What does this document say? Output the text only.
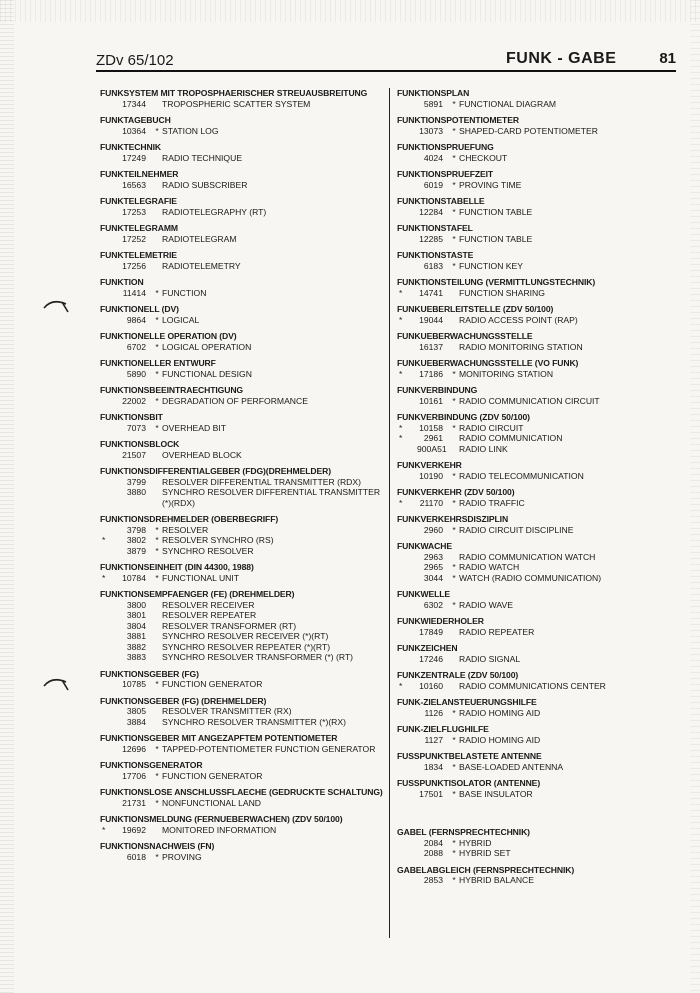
ZDv 65/102	FUNK - GABE	81
FUNKSYSTEM MIT TROPOSPHAERISCHER STREUAUSBREITUNG
17344	TROPOSPHERIC SCATTER SYSTEM
FUNKTAGEBUCH
10364	* STATION LOG
FUNKTECHNIK
17249	RADIO TECHNIQUE
FUNKTEILNEHMER
16563	RADIO SUBSCRIBER
FUNKTELEGRAFIE
17253	RADIOTELEGRAPHY (RT)
FUNKTELEGRAMM
17252	RADIOTELEGRAM
FUNKTELEMETRIE
17256	RADIOTELEMETRY
FUNKTION
11414	* FUNCTION
FUNKTIONELL (DV)
9864	* LOGICAL
FUNKTIONELLE OPERATION (DV)
6702	* LOGICAL OPERATION
FUNKTIONELLER ENTWURF
5890	* FUNCTIONAL DESIGN
FUNKTIONSBEEINTRAECHTIGUNG
22002	* DEGRADATION OF PERFORMANCE
FUNKTIONSBIT
7073	* OVERHEAD BIT
FUNKTIONSBLOCK
21507	OVERHEAD BLOCK
FUNKTIONSDIFFERENTIALGEBER (FDG)(DREHMELDER)
3799	RESOLVER DIFFERENTIAL TRANSMITTER (RDX)
3880	SYNCHRO RESOLVER DIFFERENTIAL TRANSMITTER (*)(RDX)
FUNKTIONSDREHMELDER (OBERBEGRIFF)
3798	* RESOLVER
*	3802	* RESOLVER SYNCHRO (RS)
3879	* SYNCHRO RESOLVER
FUNKTIONSEINHEIT (DIN 44300, 1988)
*	10784	* FUNCTIONAL UNIT
FUNKTIONSEMPFAENGER (FE) (DREHMELDER)
3800	RESOLVER RECEIVER
3801	RESOLVER REPEATER
3804	RESOLVER TRANSFORMER (RT)
3881	SYNCHRO RESOLVER RECEIVER (*)(RT)
3882	SYNCHRO RESOLVER REPEATER (*)(RT)
3883	SYNCHRO RESOLVER TRANSFORMER (*) (RT)
FUNKTIONSGEBER (FG)
10785	* FUNCTION GENERATOR
FUNKTIONSGEBER (FG) (DREHMELDER)
3805	RESOLVER TRANSMITTER (RX)
3884	SYNCHRO RESOLVER TRANSMITTER (*)(RX)
FUNKTIONSGEBER MIT ANGEZAPFTEM POTENTIOMETER
12696	* TAPPED-POTENTIOMETER FUNCTION GENERATOR
FUNKTIONSGENERATOR
17706	* FUNCTION GENERATOR
FUNKTIONSLOSE ANSCHLUSSFLAECHE (GEDRUCKTE SCHALTUNG)
21731	* NONFUNCTIONAL LAND
FUNKTIONSMELDUNG (FERNUEBERWACHEN) (ZDV 50/100)
*	19692	MONITORED INFORMATION
FUNKTIONSNACHWEIS (FN)
6018	* PROVING
FUNKTIONSPLAN
5891	* FUNCTIONAL DIAGRAM
FUNKTIONSPOTENTIOMETER
13073	* SHAPED-CARD POTENTIOMETER
FUNKTIONSPRUEFUNG
4024	* CHECKOUT
FUNKTIONSPRUEFZEIT
6019	* PROVING TIME
FUNKTIONSTABELLE
12284	* FUNCTION TABLE
FUNKTIONSTAFEL
12285	* FUNCTION TABLE
FUNKTIONSTASTE
6183	* FUNCTION KEY
FUNKTIONSTEILUNG (VERMITTLUNGSTECHNIK)
*	14741	FUNCTION SHARING
FUNKUEBERLEITSTELLE (ZDV 50/100)
*	19044	RADIO ACCESS POINT (RAP)
FUNKUEBERWACHUNGSSTELLE
16137	RADIO MONITORING STATION
FUNKUEBERWACHUNGSSTELLE (VO FUNK)
*	17186	* MONITORING STATION
FUNKVERBINDUNG
10161	* RADIO COMMUNICATION CIRCUIT
FUNKVERBINDUNG (ZDV 50/100)
*	10158	* RADIO CIRCUIT
*	2961	RADIO COMMUNICATION
900A51 RADIO LINK
FUNKVERKEHR
10190	* RADIO TELECOMMUNICATION
FUNKVERKEHR (ZDV 50/100)
*	21170	* RADIO TRAFFIC
FUNKVERKEHRSDISZIPLIN
2960	* RADIO CIRCUIT DISCIPLINE
FUNKWACHE
2963	RADIO COMMUNICATION WATCH
2965	* RADIO WATCH
3044	* WATCH (RADIO COMMUNICATION)
FUNKWELLE
6302	* RADIO WAVE
FUNKWIEDERHOLER
17849	RADIO REPEATER
FUNKZEICHEN
17246	RADIO SIGNAL
FUNKZENTRALE (ZDV 50/100)
*	10160	RADIO COMMUNICATIONS CENTER
FUNK-ZIELANSTEUERUNGSHILFE
1126	* RADIO HOMING AID
FUNK-ZIELFLUGHILFE
1127	* RADIO HOMING AID
FUSSPUNKTBELASTETE ANTENNE
1834	* BASE-LOADED ANTENNA
FUSSPUNKTISOLATOR (ANTENNE)
17501	* BASE INSULATOR
GABEL (FERNSPRECHTECHNIK)
2084	* HYBRID
2088	* HYBRID SET
GABELABGLEICH (FERNSPRECHTECHNIK)
2853	* HYBRID BALANCE
